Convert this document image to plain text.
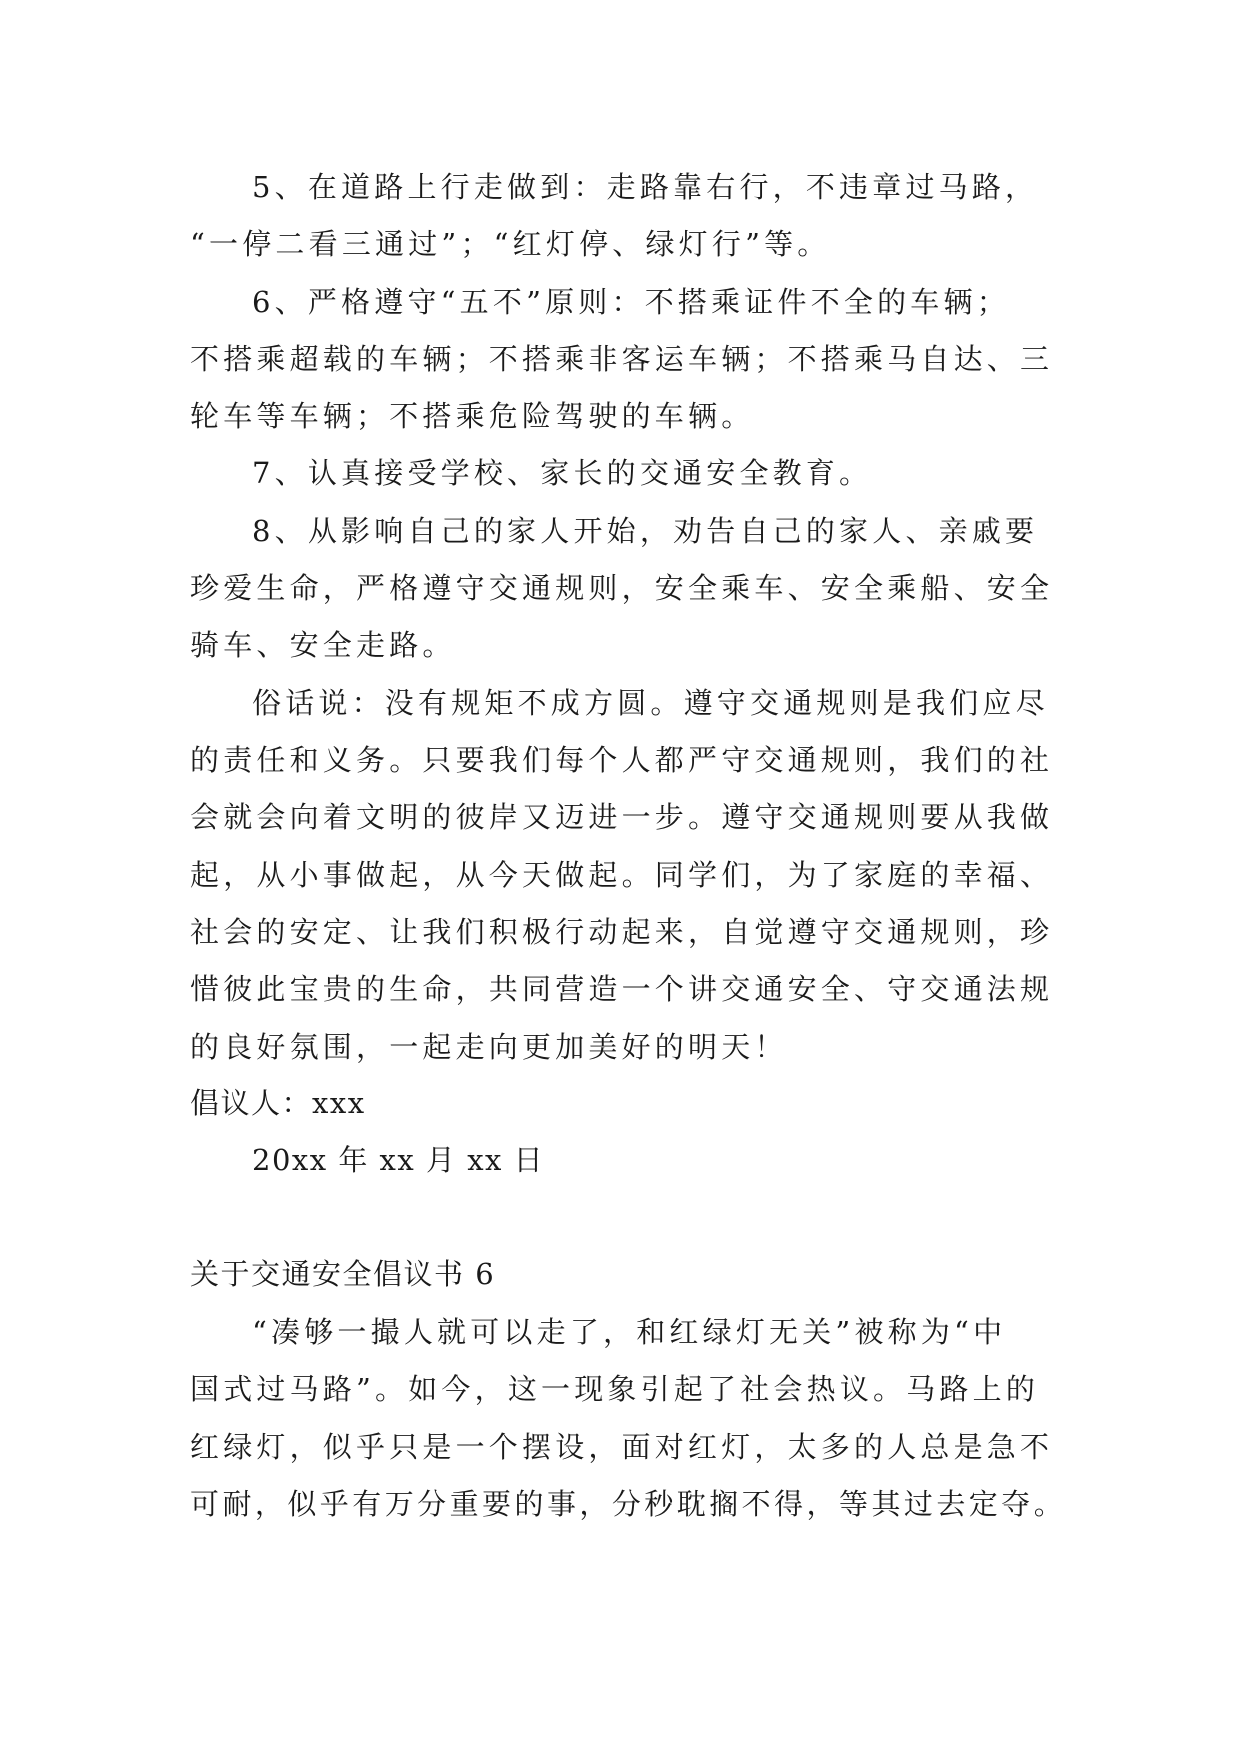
5、在道路上行走做到：走路靠右行，不违章过马路，
“一停二看三通过”；“红灯停、绿灯行”等。
6、严格遵守“五不”原则：不搭乘证件不全的车辆；
不搭乘超载的车辆；不搭乘非客运车辆；不搭乘马自达、三
轮车等车辆；不搭乘危险驾驶的车辆。
7、认真接受学校、家长的交通安全教育。
8、从影响自己的家人开始，劝告自己的家人、亲戚要
珍爱生命，严格遵守交通规则，安全乘车、安全乘船、安全
骑车、安全走路。
俗话说：没有规矩不成方圆。遵守交通规则是我们应尽
的责任和义务。只要我们每个人都严守交通规则，我们的社
会就会向着文明的彼岸又迈进一步。遵守交通规则要从我做
起，从小事做起，从今天做起。同学们，为了家庭的幸福、
社会的安定、让我们积极行动起来，自觉遵守交通规则，珍
惜彼此宝贵的生命，共同营造一个讲交通安全、守交通法规
的良好氛围，一起走向更加美好的明天！
倡议人：xxx
20xx 年 xx 月 xx 日
关于交通安全倡议书 6
“凑够一撮人就可以走了，和红绿灯无关”被称为“中
国式过马路”。如今，这一现象引起了社会热议。马路上的
红绿灯，似乎只是一个摆设，面对红灯，太多的人总是急不
可耐，似乎有万分重要的事，分秒耽搁不得，等其过去定夺。
